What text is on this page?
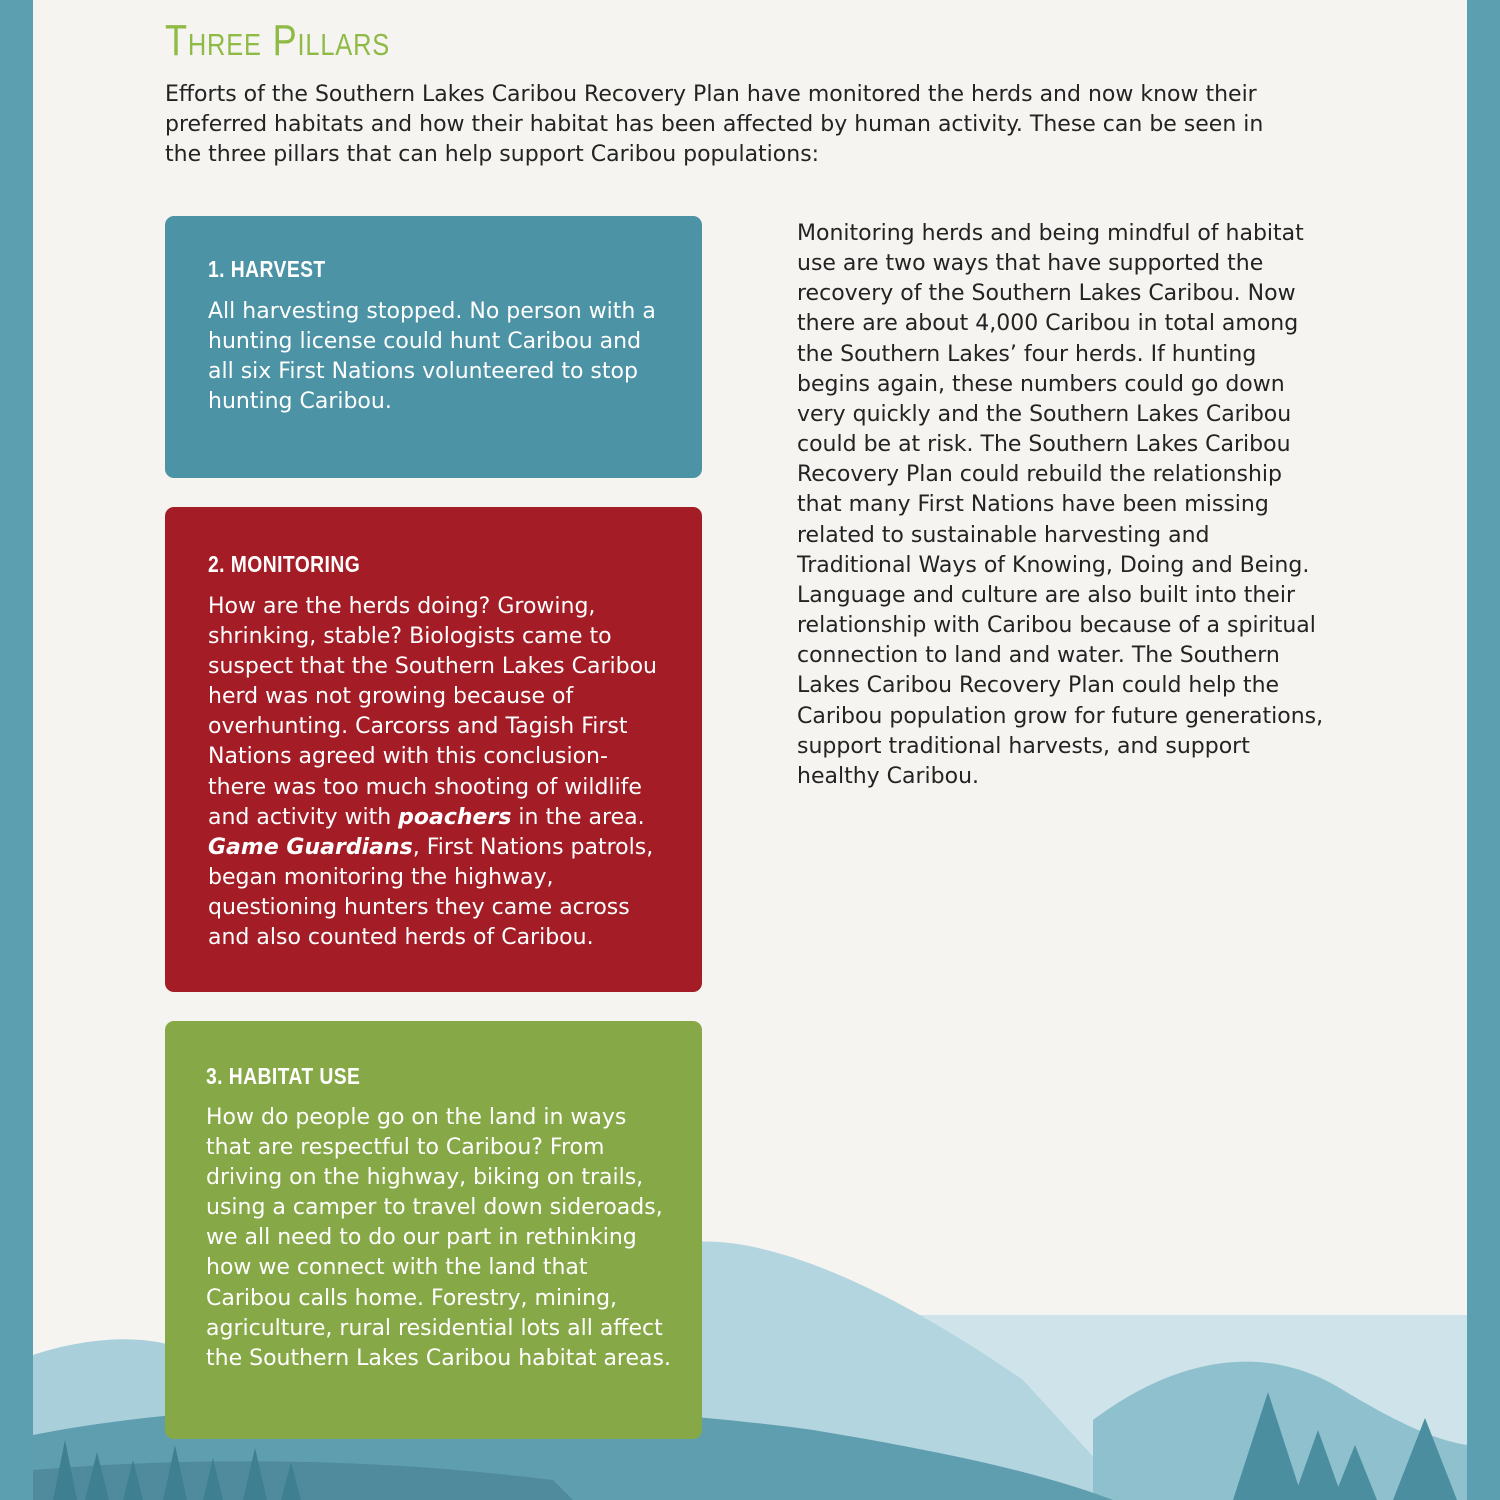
Three Pillars

Efforts of the Southern Lakes Caribou Recovery Plan have monitored the herds and now know their preferred habitats and how their habitat has been affected by human activity. These can be seen in the three pillars that can help support Caribou populations:

1. HARVEST

All harvesting stopped. No person with a hunting license could hunt Caribou and all six First Nations volunteered to stop hunting Caribou.

2. MONITORING

How are the herds doing? Growing, shrinking, stable? Biologists came to suspect that the Southern Lakes Caribou herd was not growing because of overhunting. Carcorss and Tagish First Nations agreed with this conclusion- there was too much shooting of wildlife and activity with poachers in the area. Game Guardians, First Nations patrols, began monitoring the highway, questioning hunters they came across and also counted herds of Caribou.

3. HABITAT USE

How do people go on the land in ways that are respectful to Caribou? From driving on the highway, biking on trails, using a camper to travel down sideroads, we all need to do our part in rethinking how we connect with the land that Caribou calls home. Forestry, mining, agriculture, rural residential lots all affect the Southern Lakes Caribou habitat areas.

Monitoring herds and being mindful of habitat use are two ways that have supported the recovery of the Southern Lakes Caribou. Now there are about 4,000 Caribou in total among the Southern Lakes’ four herds. If hunting begins again, these numbers could go down very quickly and the Southern Lakes Caribou could be at risk. The Southern Lakes Caribou Recovery Plan could rebuild the relationship that many First Nations have been missing related to sustainable harvesting and Traditional Ways of Knowing, Doing and Being. Language and culture are also built into their relationship with Caribou because of a spiritual connection to land and water. The Southern Lakes Caribou Recovery Plan could help the Caribou population grow for future generations, support traditional harvests, and support healthy Caribou.
